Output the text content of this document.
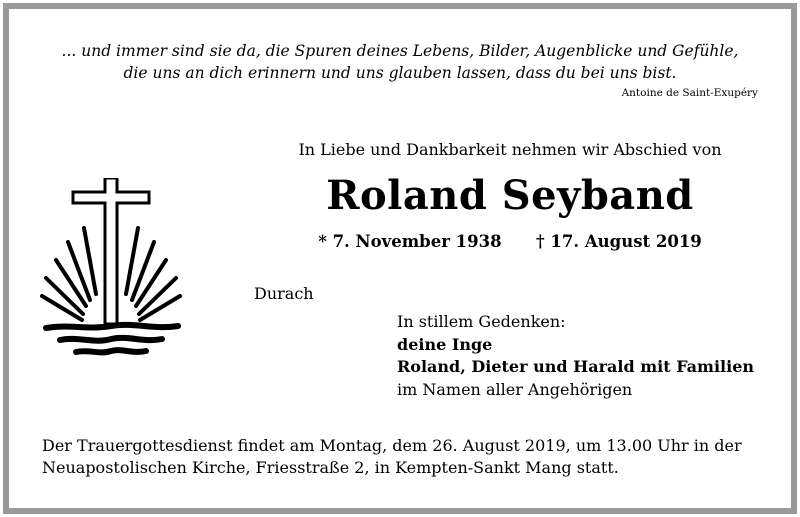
... und immer sind sie da, die Spuren deines Lebens, Bilder, Augenblicke und Gefühle,
die uns an dich erinnern und uns glauben lassen, dass du bei uns bist.
Antoine de Saint-Exupéry
In Liebe und Dankbarkeit nehmen wir Abschied von
Roland Seyband
* 7. November 1938 † 17. August 2019
Durach
In stillem Gedenken:
deine Inge
Roland, Dieter und Harald mit Familien
im Namen aller Angehörigen
Der Trauergottesdienst findet am Montag, dem 26. August 2019, um 13.00 Uhr in der
Neuapostolischen Kirche, Friesstraße 2, in Kempten-Sankt Mang statt.
